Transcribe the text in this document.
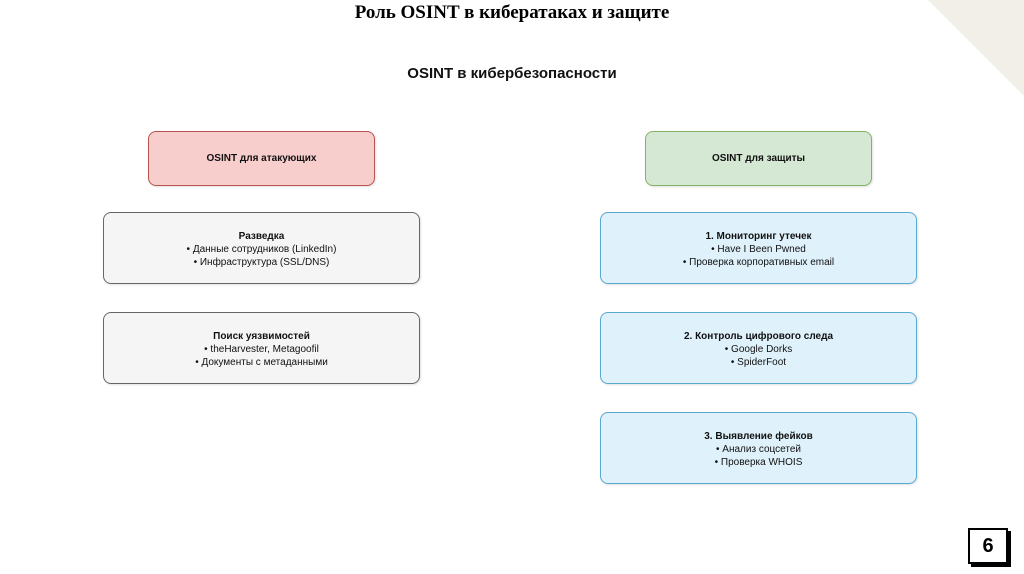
Роль OSINT в кибератаках и защите
OSINT в кибербезопасности
OSINT для атакующих
Разведка
• Данные сотрудников (LinkedIn)
• Инфраструктура (SSL/DNS)
Поиск уязвимостей
• theHarvester, Metagoofil
• Документы с метаданными
OSINT для защиты
1. Мониторинг утечек
• Have I Been Pwned
• Проверка корпоративных email
2. Контроль цифрового следа
• Google Dorks
• SpiderFoot
3. Выявление фейков
• Анализ соцсетей
• Проверка WHOIS
6
